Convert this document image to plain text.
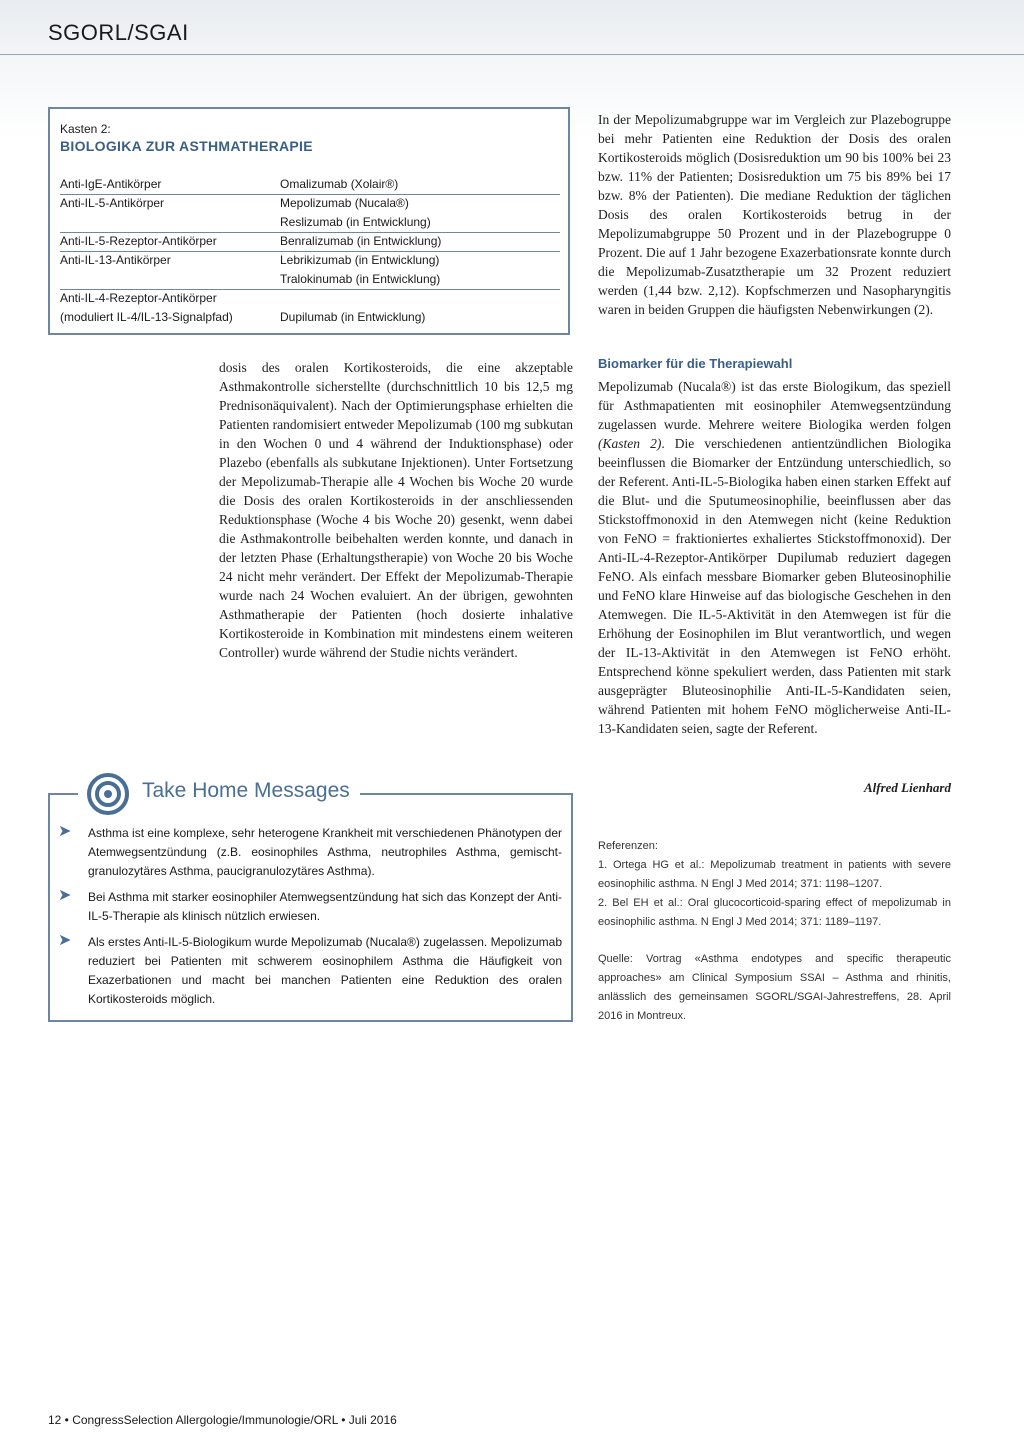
SGORL/SGAI
Kasten 2:
BIOLOGIKA ZUR ASTHMATHERAPIE
Anti-IgE-Antikörper	Omalizumab (Xolair®)
Anti-IL-5-Antikörper	Mepolizumab (Nucala®)
Reslizumab (in Entwicklung)
Anti-IL-5-Rezeptor-Antikörper	Benralizumab (in Entwicklung)
Anti-IL-13-Antikörper	Lebrikizumab (in Entwicklung)
Tralokinumab (in Entwicklung)
Anti-IL-4-Rezeptor-Antikörper
(moduliert IL-4/IL-13-Signalpfad)	Dupilumab (in Entwicklung)
dosis des oralen Kortikosteroids, die eine akzeptable Asthmakontrolle sicherstellte (durchschnittlich 10 bis 12,5 mg Prednisonäquivalent). Nach der Optimierungsphase erhielten die Patienten randomisiert entweder Mepolizumab (100 mg subkutan in den Wochen 0 und 4 während der Induktionsphase) oder Plazebo (ebenfalls als subkutane Injektionen). Unter Fortsetzung der Mepolizumab-Therapie alle 4 Wochen bis Woche 20 wurde die Dosis des oralen Kortikosteroids in der anschliessenden Reduktionsphase (Woche 4 bis Woche 20) gesenkt, wenn dabei die Asthmakontrolle beibehalten werden konnte, und danach in der letzten Phase (Erhaltungstherapie) von Woche 20 bis Woche 24 nicht mehr verändert. Der Effekt der Mepolizumab-Therapie wurde nach 24 Wochen evaluiert. An der übrigen, gewohnten Asthmatherapie der Patienten (hoch dosierte inhalative Kortikosteroide in Kombination mit mindestens einem weiteren Controller) wurde während der Studie nichts verändert.
In der Mepolizumabgruppe war im Vergleich zur Plazebogruppe bei mehr Patienten eine Reduktion der Dosis des oralen Kortikosteroids möglich (Dosisreduktion um 90 bis 100% bei 23 bzw. 11% der Patienten; Dosisreduktion um 75 bis 89% bei 17 bzw. 8% der Patienten). Die mediane Reduktion der täglichen Dosis des oralen Kortikosteroids betrug in der Mepolizumabgruppe 50 Prozent und in der Plazebogruppe 0 Prozent. Die auf 1 Jahr bezogene Exazerbationsrate konnte durch die Mepolizumab-Zusatztherapie um 32 Prozent reduziert werden (1,44 bzw. 2,12). Kopfschmerzen und Nasopharyngitis waren in beiden Gruppen die häufigsten Nebenwirkungen (2).
Biomarker für die Therapiewahl
Mepolizumab (Nucala®) ist das erste Biologikum, das speziell für Asthmapatienten mit eosinophiler Atemwegsentzündung zugelassen wurde. Mehrere weitere Biologika werden folgen (Kasten 2). Die verschiedenen antientzündlichen Biologika beeinflussen die Biomarker der Entzündung unterschiedlich, so der Referent. Anti-IL-5-Biologika haben einen starken Effekt auf die Blut- und die Sputumeosinophilie, beeinflussen aber das Stickstoffmonoxid in den Atemwegen nicht (keine Reduktion von FeNO = fraktioniertes exhaliertes Stickstoffmonoxid). Der Anti-IL-4-Rezeptor-Antikörper Dupilumab reduziert dagegen FeNO. Als einfach messbare Biomarker geben Bluteosinophilie und FeNO klare Hinweise auf das biologische Geschehen in den Atemwegen. Die IL-5-Aktivität in den Atemwegen ist für die Erhöhung der Eosinophilen im Blut verantwortlich, und wegen der IL-13-Aktivität in den Atemwegen ist FeNO erhöht. Entsprechend könne spekuliert werden, dass Patienten mit stark ausgeprägter Bluteosinophilie Anti-IL-5-Kandidaten seien, während Patienten mit hohem FeNO möglicherweise Anti-IL-13-Kandidaten seien, sagte der Referent.
Alfred Lienhard

Referenzen:

1. Ortega HG et al.: Mepolizumab treatment in patients with severe eosinophilic asthma. N Engl J Med 2014; 371: 1198–1207.

2. Bel EH et al.: Oral glucocorticoid-sparing effect of mepolizumab in eosinophilic asthma. N Engl J Med 2014; 371: 1189–1197.

Quelle: Vortrag «Asthma endotypes and specific therapeutic approaches» am Clinical Symposium SSAI – Asthma and rhinitis, anlässlich des gemeinsamen SGORL/SGAI-Jahrestreffens, 28. April 2016 in Montreux.

Take Home Messages
➤ Asthma ist eine komplexe, sehr heterogene Krankheit mit verschiedenen Phänotypen der Atemwegsentzündung (z.B. eosinophiles Asthma, neutrophiles Asthma, gemischt-granulozytäres Asthma, paucigranulozytäres Asthma).
➤ Bei Asthma mit starker eosinophiler Atemwegsentzündung hat sich das Konzept der Anti-IL-5-Therapie als klinisch nützlich erwiesen.
➤ Als erstes Anti-IL-5-Biologikum wurde Mepolizumab (Nucala®) zugelassen. Mepolizumab reduziert bei Patienten mit schwerem eosinophilem Asthma die Häufigkeit von Exazerbationen und macht bei manchen Patienten eine Reduktion des oralen Kortikosteroids möglich.
12 • CongressSelection Allergologie/Immunologie/ORL • Juli 2016
